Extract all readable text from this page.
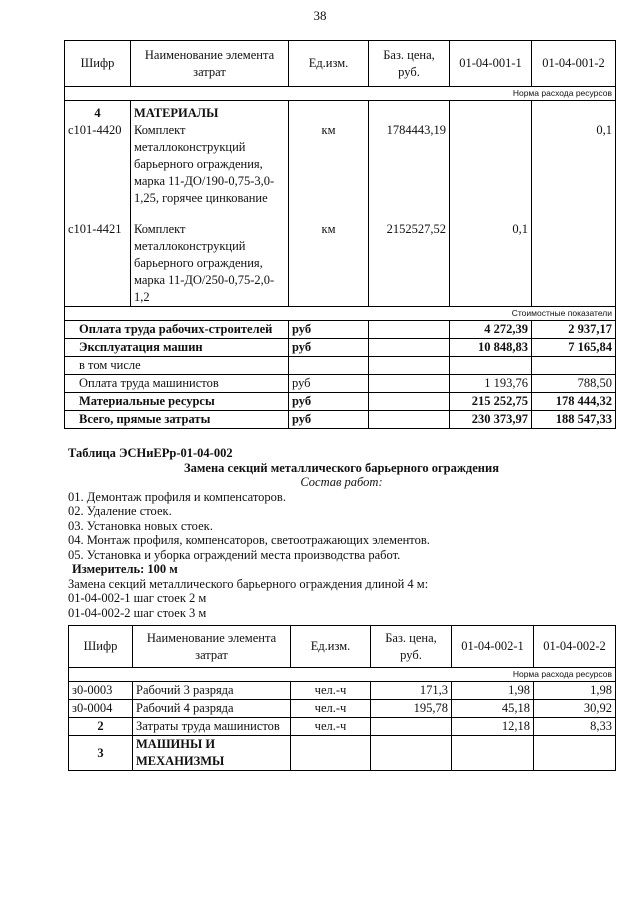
38
Шифр	Наименование элемента затрат	Ед.изм.	Баз. цена, руб.	01-04-001-1	01-04-001-2
Норма расхода ресурсов					
4	МАТЕРИАЛЫ				
с101-4420	Комплект
металлоконструкций
барьерного ограждения,
марка 11-ДО/190-0,75-3,0-
1,25, горячее цинкование	км	1784443,19		0,1

с101-4421	Комплект
металлоконструкций
барьерного ограждения,
марка 11-ДО/250-0,75-2,0-
1,2	км	2152527,52	0,1	
Стоимостные показатели					
Оплата труда рабочих-строителей		руб		4 272,39	2 937,17
Эксплуатация машин		руб		10 848,83	7 165,84
в том числе					
Оплата труда машинистов		руб		1 193,76	788,50
Материальные ресурсы		руб		215 252,75	178 444,32
Всего, прямые затраты		руб		230 373,97	188 547,33
Таблица ЭСНиЕРр-01-04-002
Замена секций металлического барьерного ограждения
Состав работ:
01. Демонтаж профиля и компенсаторов.
02. Удаление стоек.
03. Установка новых стоек.
04. Монтаж профиля, компенсаторов, светоотражающих элементов.
05. Установка и уборка ограждений места производства работ.
Измеритель: 100 м
Замена секций металлического барьерного ограждения длиной 4 м:
01-04-002-1 шаг стоек 2 м
01-04-002-2 шаг стоек 3 м
Шифр	Наименование элемента затрат	Ед.изм.	Баз. цена, руб.	01-04-002-1	01-04-002-2
Норма расхода ресурсов					
з0-0003	Рабочий 3 разряда	чел.-ч	171,3	1,98	1,98
з0-0004	Рабочий 4 разряда	чел.-ч	195,78	45,18	30,92
2	Затраты труда машинистов	чел.-ч		12,18	8,33
3	МАШИНЫ И
МЕХАНИЗМЫ				
